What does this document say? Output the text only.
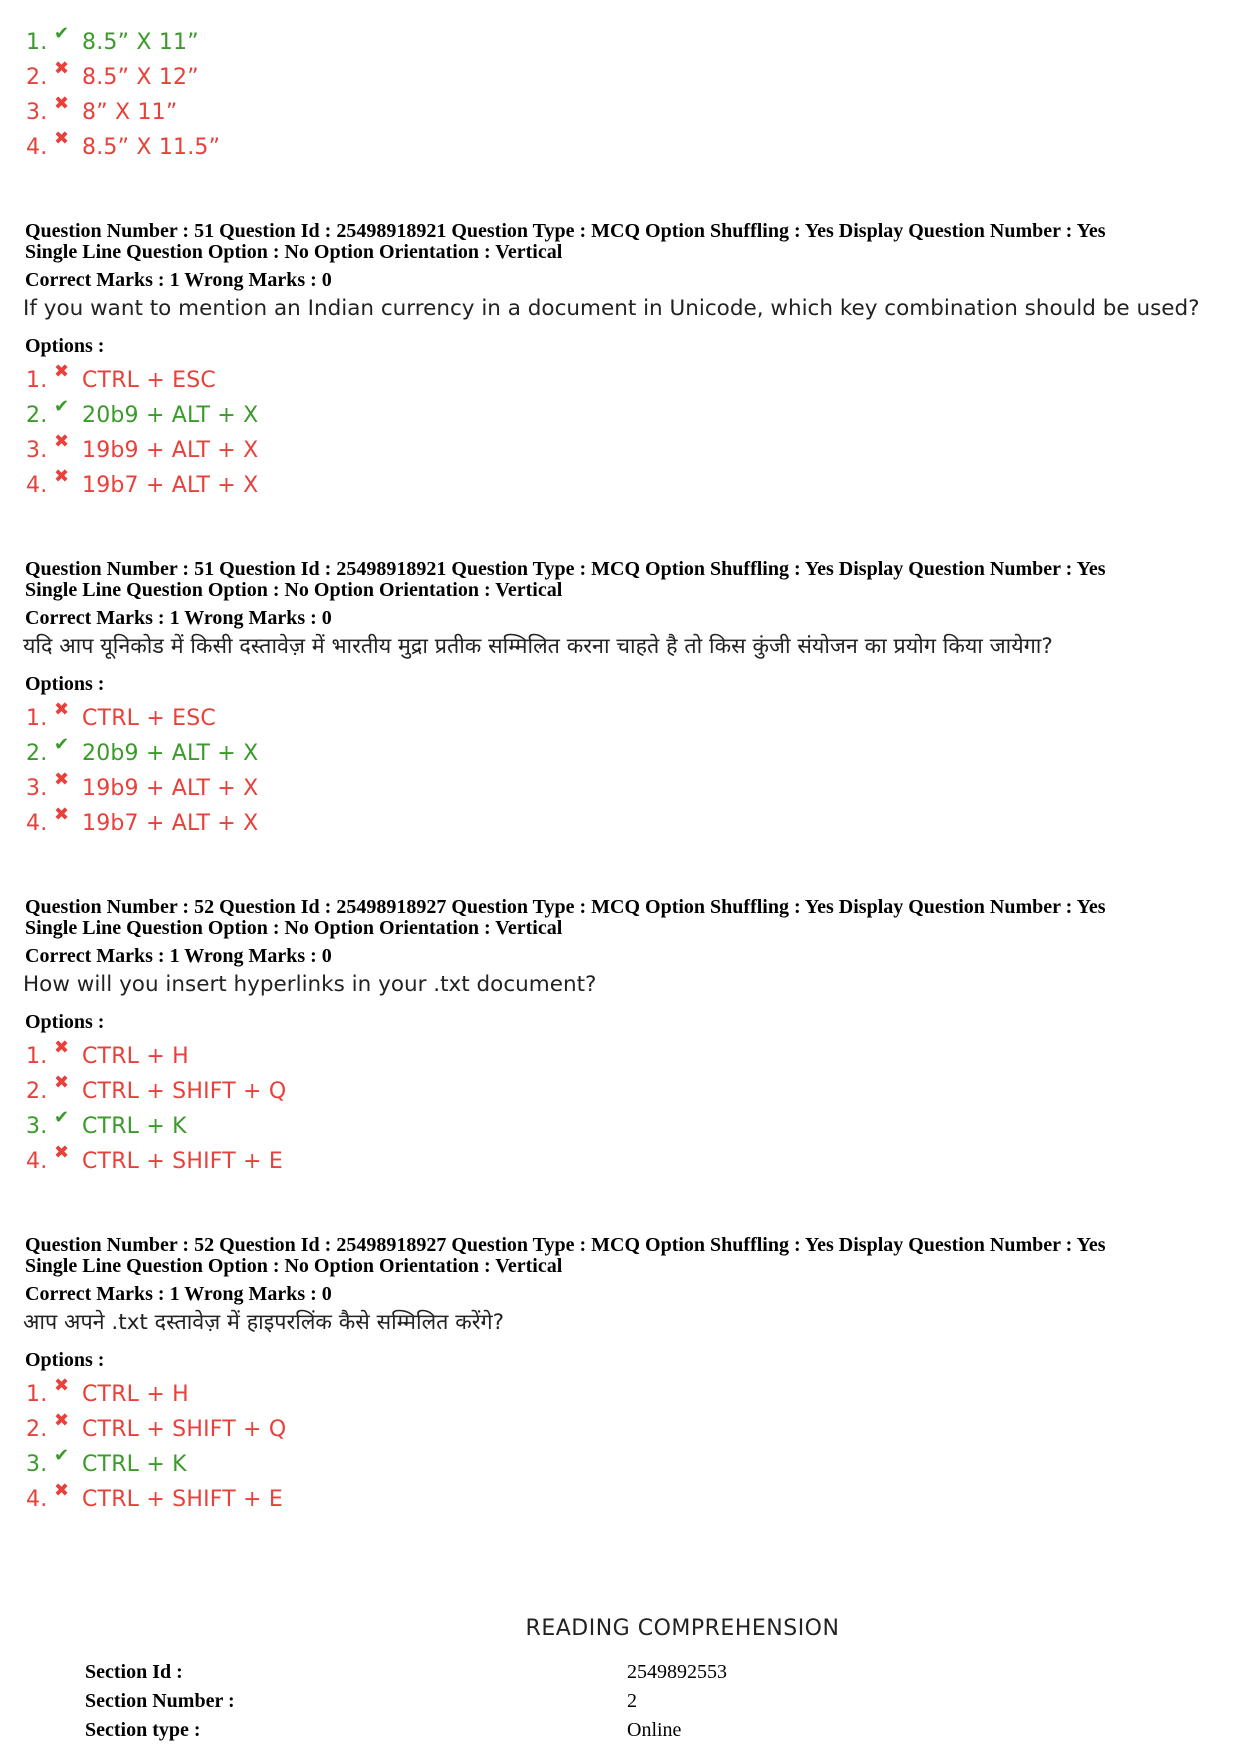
1. ✔ 8.5” X 11”
2. ✖ 8.5” X 12”
3. ✖ 8” X 11”
4. ✖ 8.5” X 11.5”
Question Number : 51 Question Id : 25498918921 Question Type : MCQ Option Shuffling : Yes Display Question Number : Yes
Single Line Question Option : No Option Orientation : Vertical
Correct Marks : 1 Wrong Marks : 0
If you want to mention an Indian currency in a document in Unicode, which key combination should be used?
Options :
1. ✖ CTRL + ESC
2. ✔ 20b9 + ALT + X
3. ✖ 19b9 + ALT + X
4. ✖ 19b7 + ALT + X
Question Number : 51 Question Id : 25498918921 Question Type : MCQ Option Shuffling : Yes Display Question Number : Yes
Single Line Question Option : No Option Orientation : Vertical
Correct Marks : 1 Wrong Marks : 0
यदि आप यूनिकोड में किसी दस्तावेज़ में भारतीय मुद्रा प्रतीक सम्मिलित करना चाहते है तो किस कुंजी संयोजन का प्रयोग किया जायेगा?
Options :
1. ✖ CTRL + ESC
2. ✔ 20b9 + ALT + X
3. ✖ 19b9 + ALT + X
4. ✖ 19b7 + ALT + X
Question Number : 52 Question Id : 25498918927 Question Type : MCQ Option Shuffling : Yes Display Question Number : Yes
Single Line Question Option : No Option Orientation : Vertical
Correct Marks : 1 Wrong Marks : 0
How will you insert hyperlinks in your .txt document?
Options :
1. ✖ CTRL + H
2. ✖ CTRL + SHIFT + Q
3. ✔ CTRL + K
4. ✖ CTRL + SHIFT + E
Question Number : 52 Question Id : 25498918927 Question Type : MCQ Option Shuffling : Yes Display Question Number : Yes
Single Line Question Option : No Option Orientation : Vertical
Correct Marks : 1 Wrong Marks : 0
आप अपने .txt दस्तावेज़ में हाइपरलिंक कैसे सम्मिलित करेंगे?
Options :
1. ✖ CTRL + H
2. ✖ CTRL + SHIFT + Q
3. ✔ CTRL + K
4. ✖ CTRL + SHIFT + E
READING COMPREHENSION
Section Id :	2549892553
Section Number :	2
Section type :	Online
